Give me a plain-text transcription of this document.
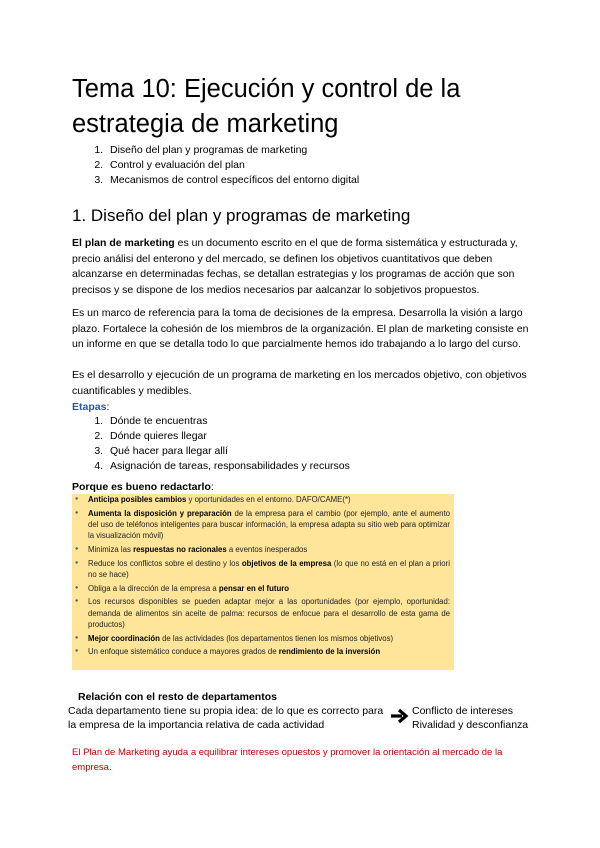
Tema 10: Ejecución y control de la estrategia de marketing
1. Diseño del plan y programas de marketing
2. Control y evaluación del plan
3. Mecanismos de control específicos del entorno digital
1. Diseño del plan y programas de marketing

El plan de marketing es un documento escrito en el que de forma sistemática y estructurada y, precio análisi del enterono y del mercado, se definen los objetivos cuantitativos que deben alcanzarse en determinadas fechas, se detallan estrategias y los programas de acción que son precisos y se dispone de los medios necesarios par aalcanzar lo sobjetivos propuestos.

Es un marco de referencia para la toma de decisiones de la empresa. Desarrolla la visión a largo plazo. Fortalece la cohesión de los miembros de la organización. El plan de marketing consiste en un informe en que se detalla todo lo que parcialmente hemos ido trabajando a lo largo del curso.

Es el desarrollo y ejecución de un programa de marketing en los mercados objetivo, con objetivos cuantificables y medibles.

Etapas:

1. Dónde te encuentras
2. Dónde quieres llegar
3. Qué hacer para llegar allí
4. Asignación de tareas, responsabilidades y recursos

Porque es bueno redactarlo:

● Anticipa posibles cambios y oportunidades en el entorno. DAFO/CAME(*)
● Aumenta la disposición y preparación de la empresa para el cambio (por ejemplo, ante el aumento del uso de teléfonos inteligentes para buscar información, la empresa adapta su sitio web para optimizar la visualización móvil)
● Minimiza las respuestas no racionales a eventos inesperados
● Reduce los conflictos sobre el destino y los objetivos de la empresa (lo que no está en el plan a priori no se hace)
● Obliga a la dirección de la empresa a pensar en el futuro
● Los recursos disponibles se pueden adaptar mejor a las oportunidades (por ejemplo, oportunidad: demanda de alimentos sin aceite de palma: recursos de enfocue para el desarrollo de esta gama de productos)
● Mejor coordinación de las actividades (los departamentos tienen los mismos objetivos)
● Un enfoque sistemático conduce a mayores grados de rendimiento de la inversión

Relación con el resto de departamentos

Cada departamento tiene su propia idea: de lo que es correcto para la empresa de la importancia relativa de cada actividad

Conflicto de intereses
Rivalidad y desconfianza

El Plan de Marketing ayuda a equilibrar intereses opuestos y promover la orientación al mercado de la empresa.
